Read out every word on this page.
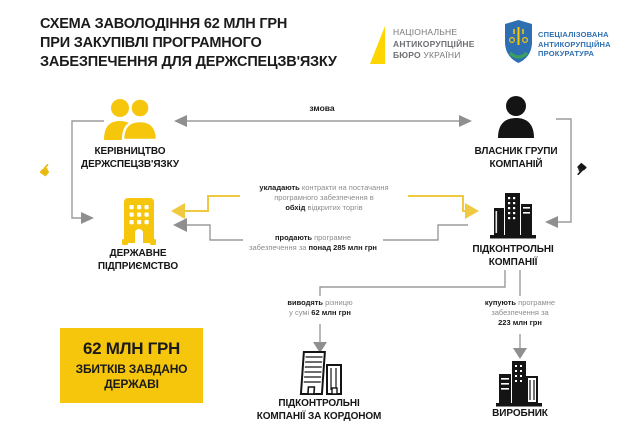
СХЕМА ЗАВОЛОДІННЯ 62 МЛН ГРН
ПРИ ЗАКУПІВЛІ ПРОГРАМНОГО
ЗАБЕЗПЕЧЕННЯ ДЛЯ ДЕРЖСПЕЦЗВ'ЯЗКУ
НАЦІОНАЛЬНЕ
АНТИКОРУПЦІЙНЕ
БЮРО УКРАЇНИ
СПЕЦІАЛІЗОВАНА
АНТИКОРУПЦІЙНА
ПРОКУРАТУРА
КЕРІВНИЦТВО
ДЕРЖСПЕЦЗВ'ЯЗКУ
ВЛАСНИК ГРУПИ
КОМПАНІЙ
ДЕРЖАВНЕ
ПІДПРИЄМСТВО
ПІДКОНТРОЛЬНІ
КОМПАНІЇ
ПІДКОНТРОЛЬНІ
КОМПАНІЇ ЗА КОРДОНОМ	ВИРОБНИК
змова
укладають контракти на постачання
програмного забезпечення в
обхід відкритих торгів
продають програмне
забезпечення за понад 285 млн грн
виводять різницю
у сумі 62 млн грн
купують програмне
забезпечення за
223 млн грн
☛	☛
62 МЛН ГРН
ЗБИТКІВ ЗАВДАНО
ДЕРЖАВІ
